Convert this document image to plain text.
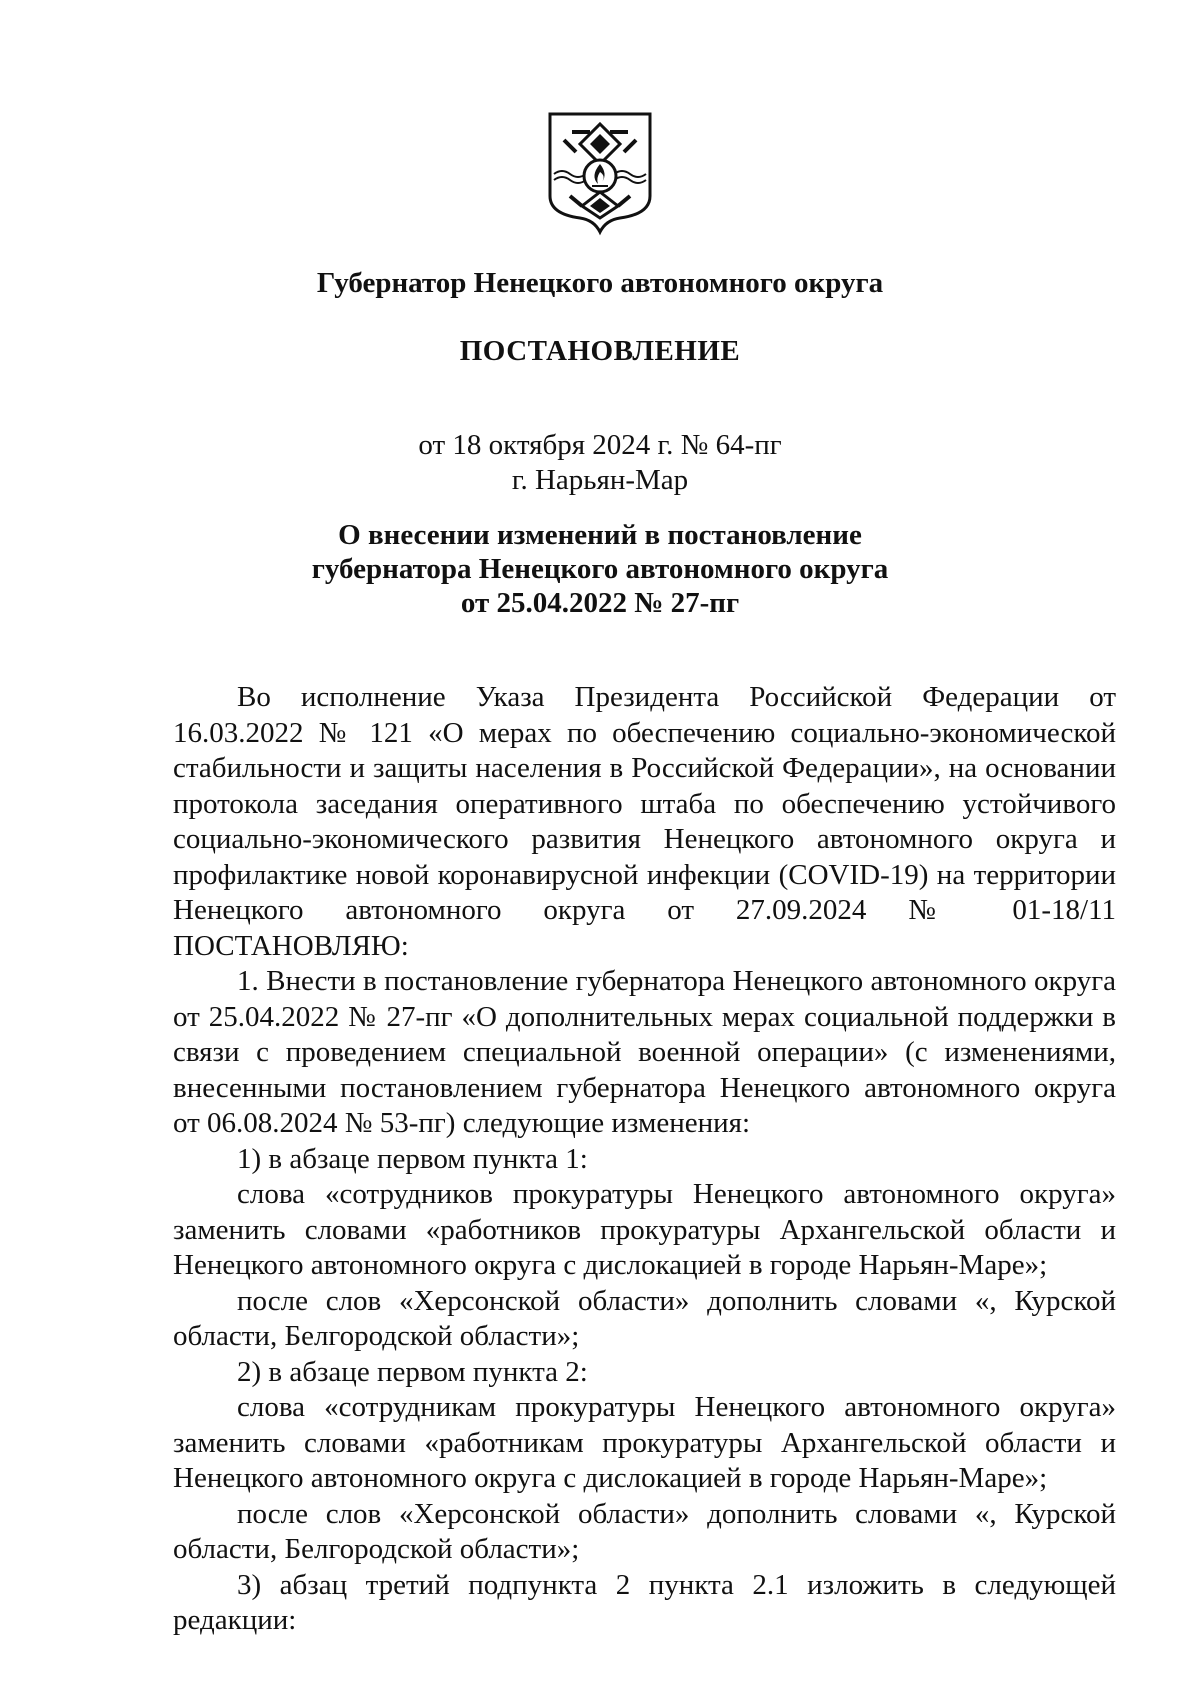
Губернатор Ненецкого автономного округа
ПОСТАНОВЛЕНИЕ
от 18 октября 2024 г. № 64-пг
г. Нарьян-Мар
О внесении изменений в постановление
губернатора Ненецкого автономного округа
от 25.04.2022 № 27-пг

Во исполнение Указа Президента Российской Федерации от 16.03.2022 № 121 «О мерах по обеспечению социально-экономической стабильности и защиты населения в Российской Федерации», на основании протокола заседания оперативного штаба по обеспечению устойчивого социально-экономического развития Ненецкого автономного округа и профилактике новой коронавирусной инфекции (COVID-19) на территории Ненецкого автономного округа от 27.09.2024 № 01-18/11 ПОСТАНОВЛЯЮ:

1. Внести в постановление губернатора Ненецкого автономного округа от 25.04.2022 № 27-пг «О дополнительных мерах социальной поддержки в связи с проведением специальной военной операции» (с изменениями, внесенными постановлением губернатора Ненецкого автономного округа от 06.08.2024 № 53-пг) следующие изменения:

1) в абзаце первом пункта 1:

слова «сотрудников прокуратуры Ненецкого автономного округа» заменить словами «работников прокуратуры Архангельской области и Ненецкого автономного округа с дислокацией в городе Нарьян-Маре»;

после слов «Херсонской области» дополнить словами «, Курской области, Белгородской области»;

2) в абзаце первом пункта 2:

слова «сотрудникам прокуратуры Ненецкого автономного округа» заменить словами «работникам прокуратуры Архангельской области и Ненецкого автономного округа с дислокацией в городе Нарьян-Маре»;

после слов «Херсонской области» дополнить словами «, Курской области, Белгородской области»;

3) абзац третий подпункта 2 пункта 2.1 изложить в следующей редакции:
